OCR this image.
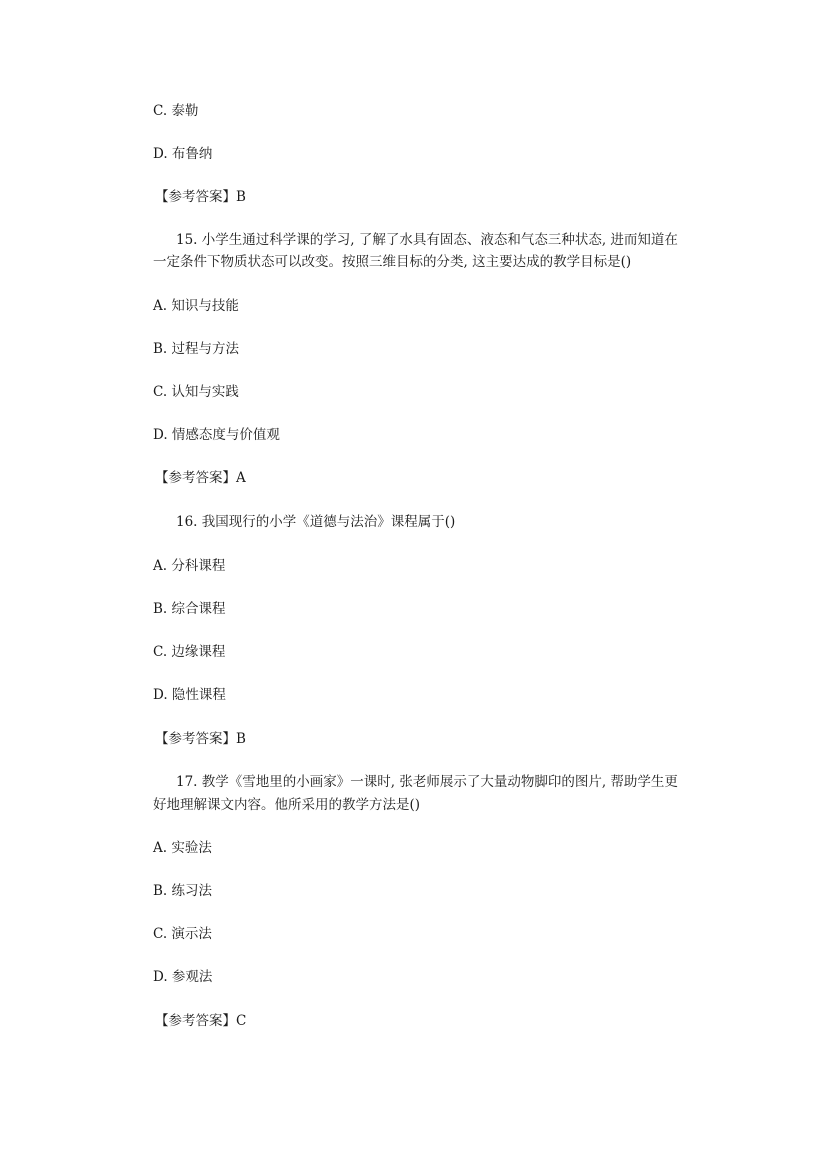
C. 泰勒
D. 布鲁纳
【参考答案】B
15. 小学生通过科学课的学习, 了解了水具有固态、液态和气态三种状态, 进而知道在
一定条件下物质状态可以改变。按照三维目标的分类, 这主要达成的教学目标是()
A. 知识与技能
B. 过程与方法
C. 认知与实践
D. 情感态度与价值观
【参考答案】A
16. 我国现行的小学《道德与法治》课程属于()
A. 分科课程
B. 综合课程
C. 边缘课程
D. 隐性课程
【参考答案】B
17. 教学《雪地里的小画家》一课时, 张老师展示了大量动物脚印的图片, 帮助学生更
好地理解课文内容。他所采用的教学方法是()
A. 实验法
B. 练习法
C. 演示法
D. 参观法
【参考答案】C
